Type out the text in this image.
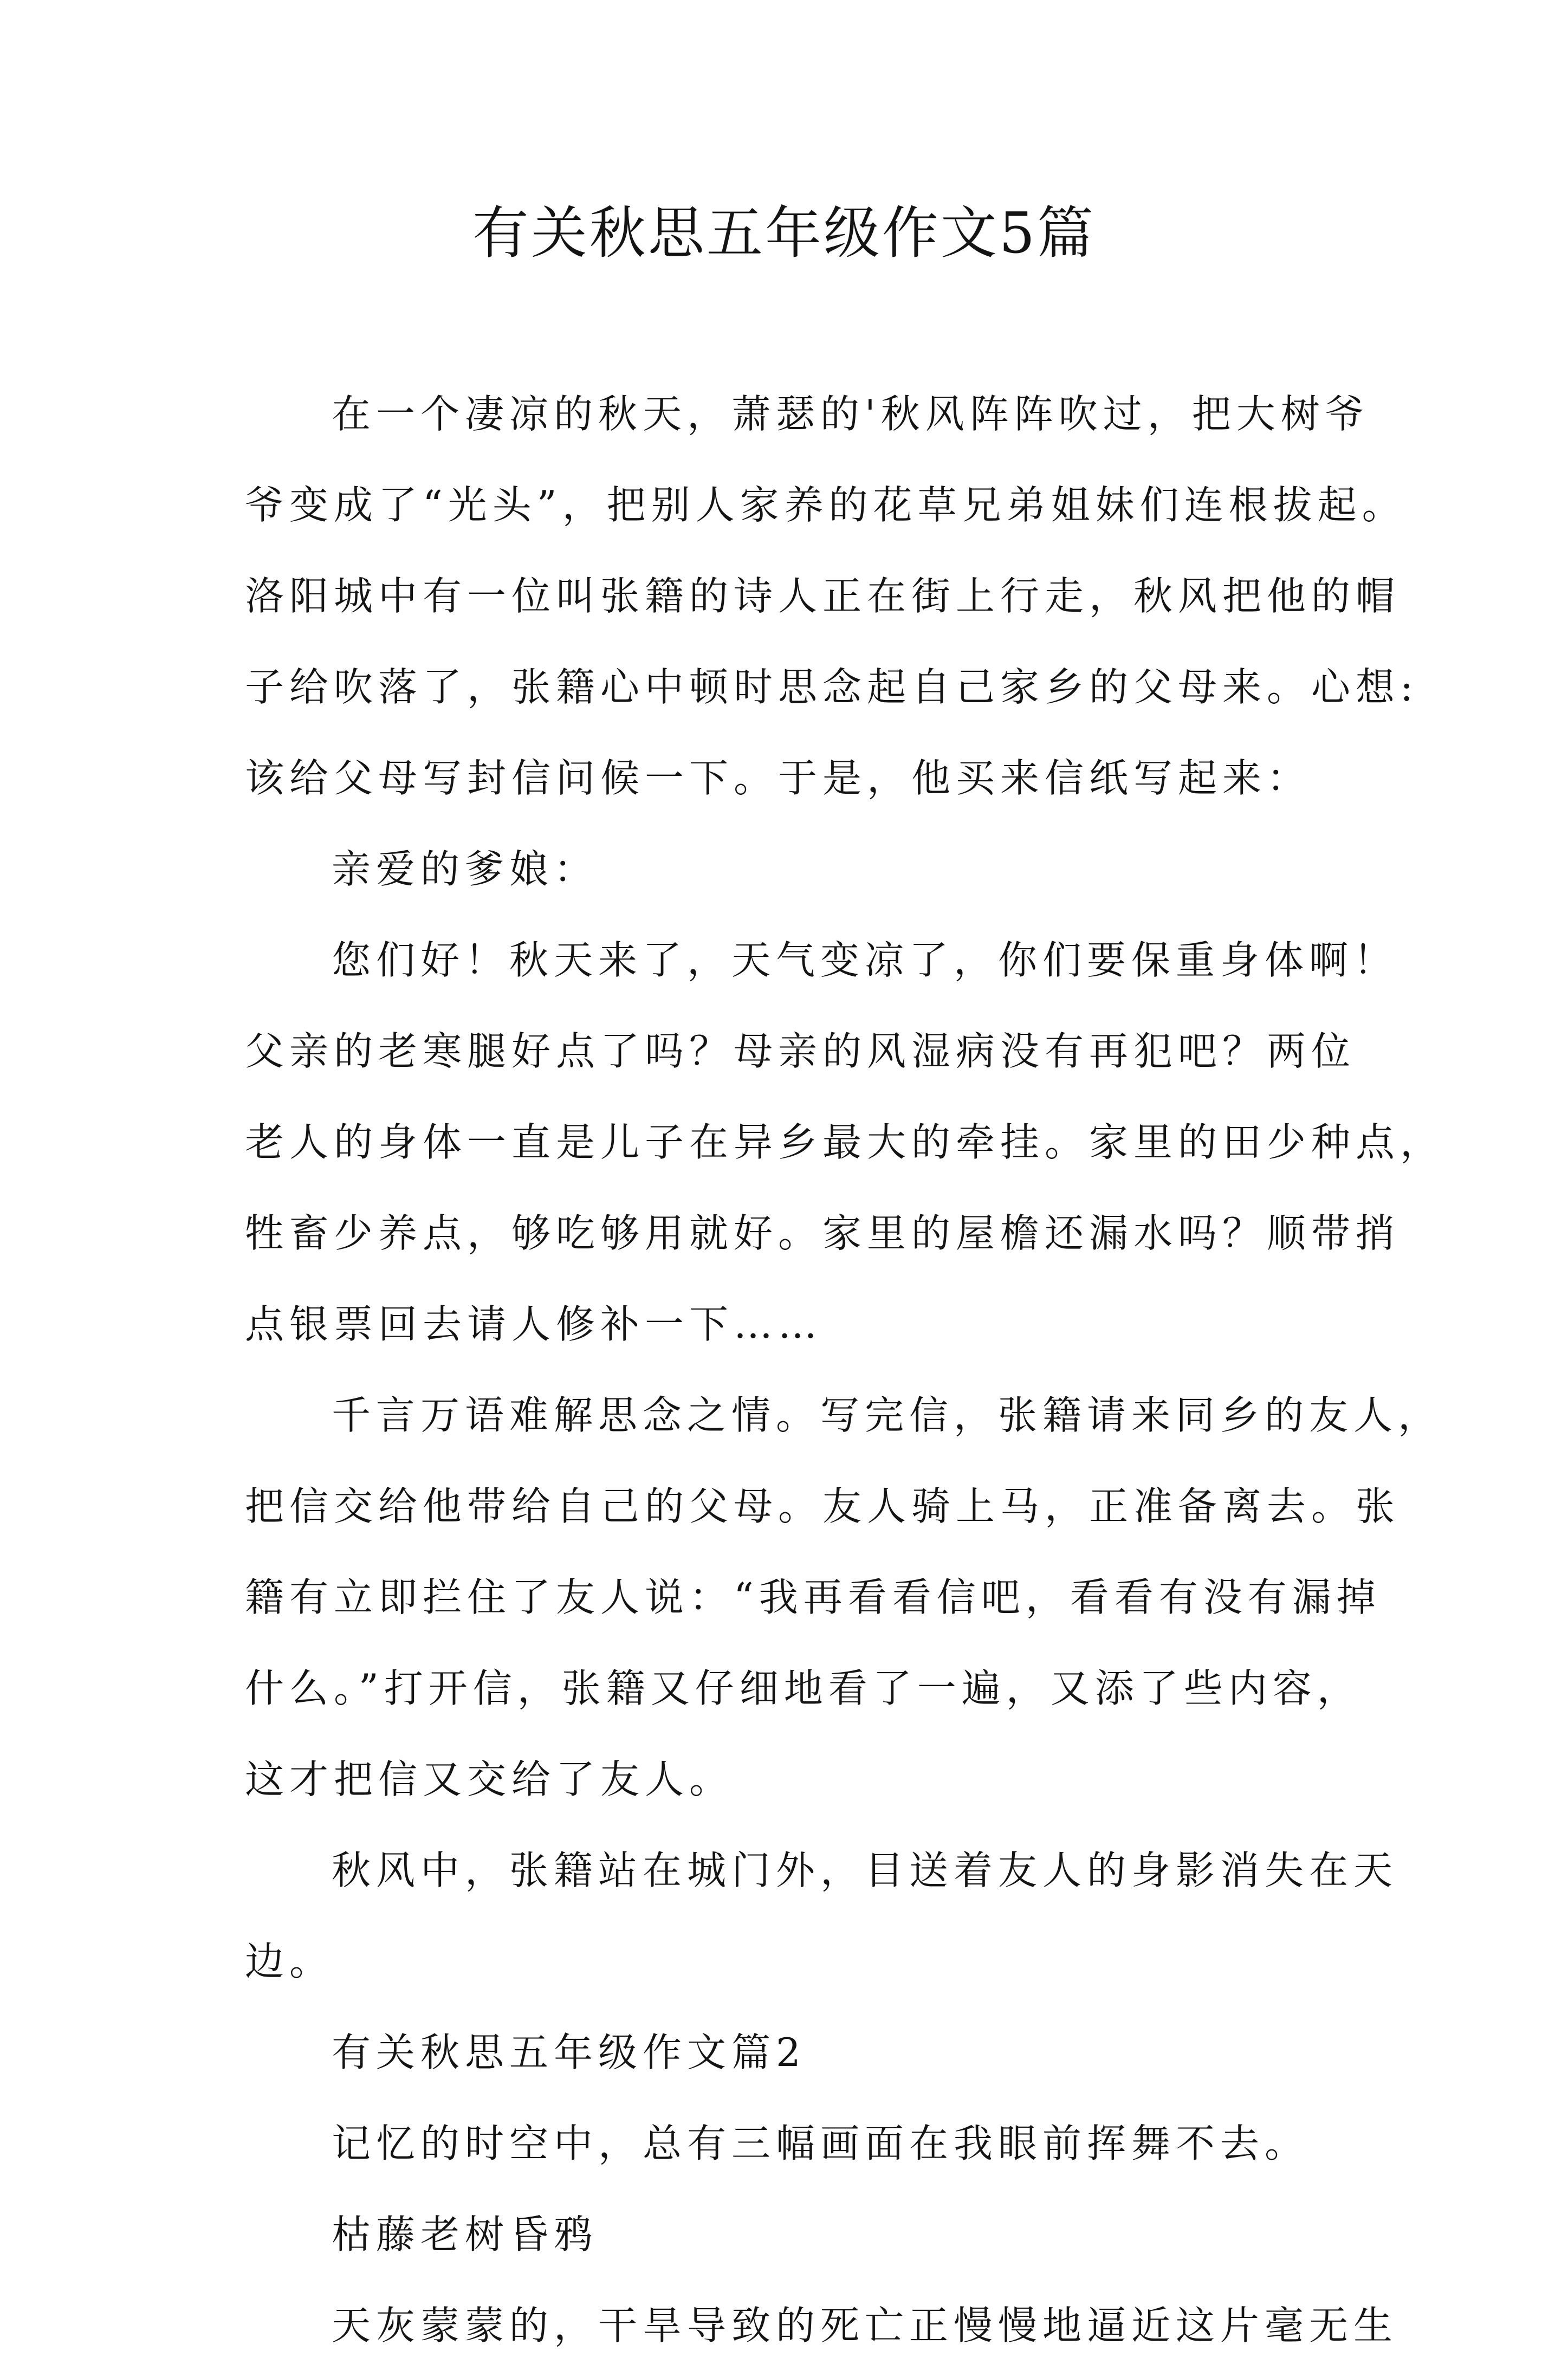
有关秋思五年级作文5篇
在一个凄凉的秋天，萧瑟的'秋风阵阵吹过，把大树爷
爷变成了“光头”，把别人家养的花草兄弟姐妹们连根拔起。
洛阳城中有一位叫张籍的诗人正在街上行走，秋风把他的帽
子给吹落了，张籍心中顿时思念起自己家乡的父母来。心想:
该给父母写封信问候一下。于是，他买来信纸写起来：
亲爱的爹娘：
您们好！秋天来了，天气变凉了，你们要保重身体啊！
父亲的老寒腿好点了吗？母亲的风湿病没有再犯吧？两位
老人的身体一直是儿子在异乡最大的牵挂。家里的田少种点，
牲畜少养点，够吃够用就好。家里的屋檐还漏水吗？顺带捎
点银票回去请人修补一下……
千言万语难解思念之情。写完信，张籍请来同乡的友人，
把信交给他带给自己的父母。友人骑上马，正准备离去。张
籍有立即拦住了友人说：“我再看看信吧，看看有没有漏掉
什么。”打开信，张籍又仔细地看了一遍，又添了些内容，
这才把信又交给了友人。
秋风中，张籍站在城门外，目送着友人的身影消失在天
边。
有关秋思五年级作文篇2
记忆的时空中，总有三幅画面在我眼前挥舞不去。
枯藤老树昏鸦
天灰蒙蒙的，干旱导致的死亡正慢慢地逼近这片毫无生
